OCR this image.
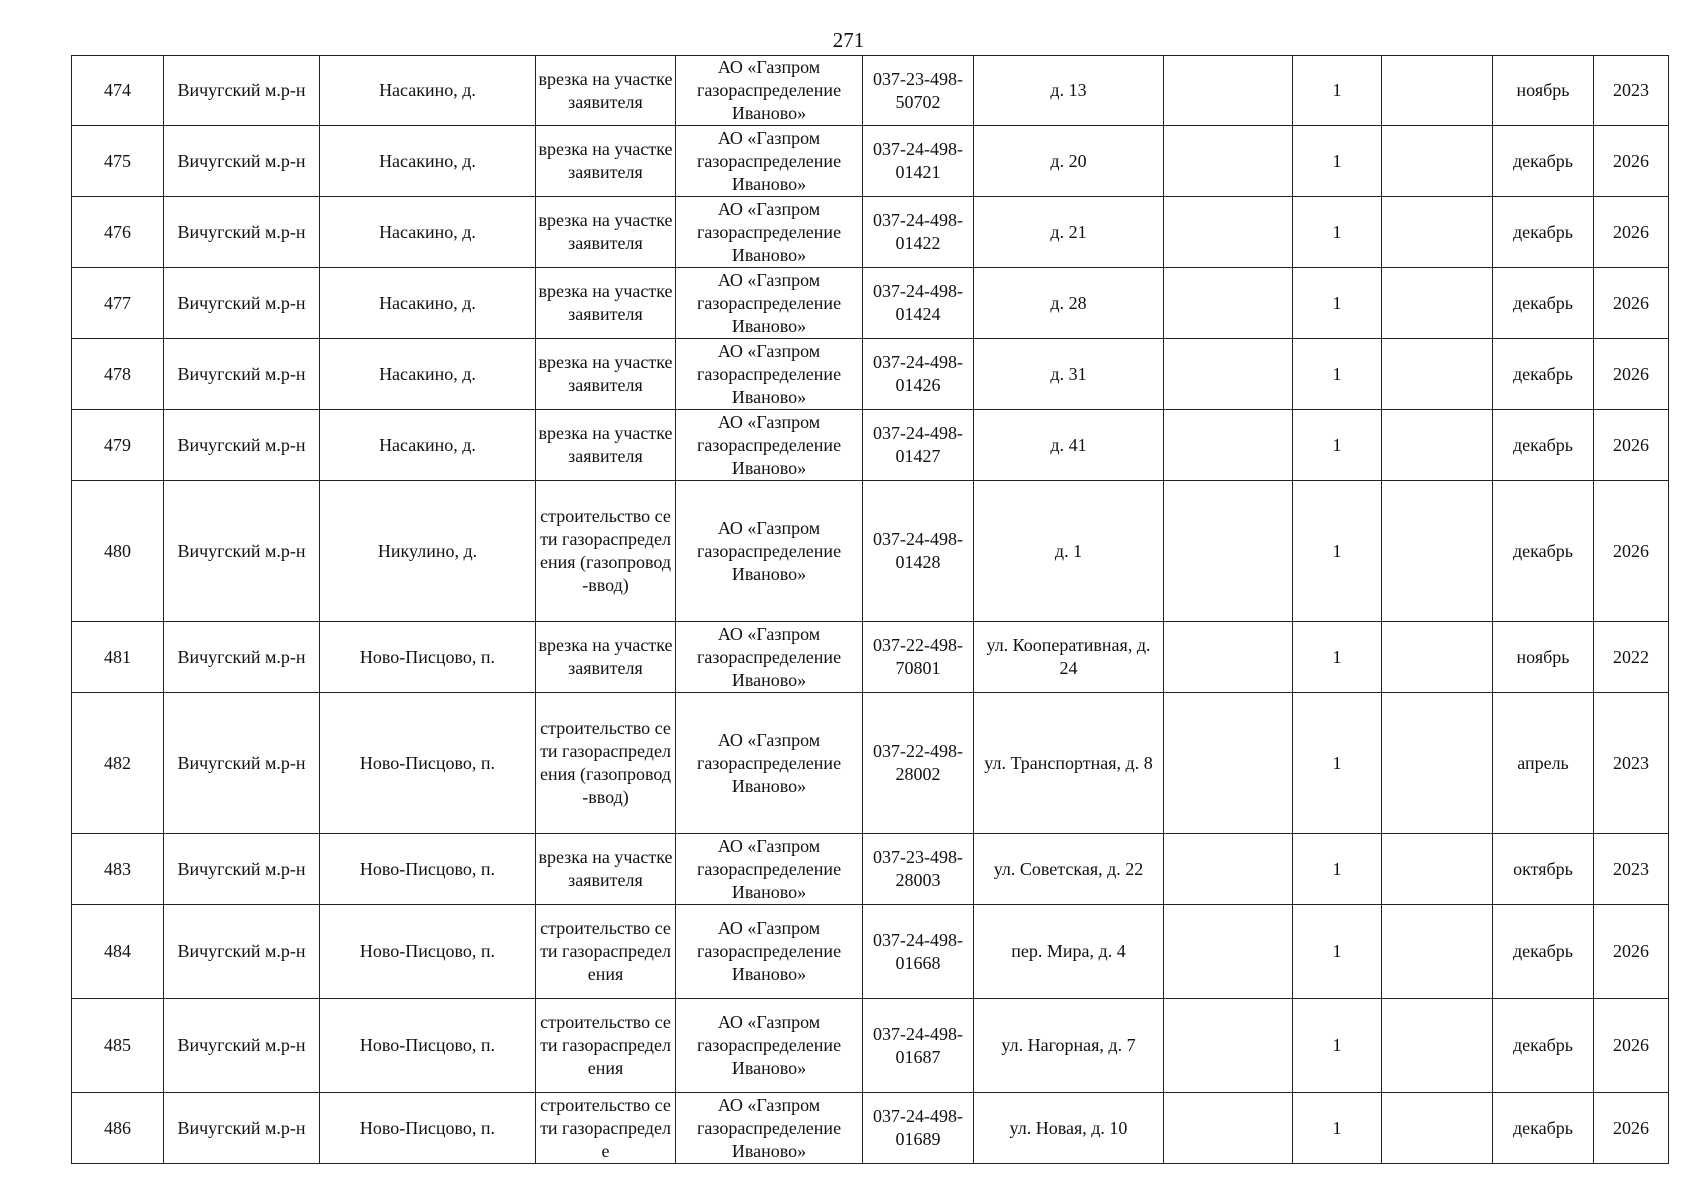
271
474	Вичугский м.р-н	Насакино, д.	врезка на участке заявителя	АО «Газпром газораспределение Иваново»	037-23-498-50702	д. 13		1		ноябрь	2023
475	Вичугский м.р-н	Насакино, д.	врезка на участке заявителя	АО «Газпром газораспределение Иваново»	037-24-498-01421	д. 20		1		декабрь	2026
476	Вичугский м.р-н	Насакино, д.	врезка на участке заявителя	АО «Газпром газораспределение Иваново»	037-24-498-01422	д. 21		1		декабрь	2026
477	Вичугский м.р-н	Насакино, д.	врезка на участке заявителя	АО «Газпром газораспределение Иваново»	037-24-498-01424	д. 28		1		декабрь	2026
478	Вичугский м.р-н	Насакино, д.	врезка на участке заявителя	АО «Газпром газораспределение Иваново»	037-24-498-01426	д. 31		1		декабрь	2026
479	Вичугский м.р-н	Насакино, д.	врезка на участке заявителя	АО «Газпром газораспределение Иваново»	037-24-498-01427	д. 41		1		декабрь	2026
480	Вичугский м.р-н	Никулино, д.	строительство сети газораспределения (газопровод-ввод)	АО «Газпром газораспределение Иваново»	037-24-498-01428	д. 1		1		декабрь	2026
481	Вичугский м.р-н	Ново-Писцово, п.	врезка на участке заявителя	АО «Газпром газораспределение Иваново»	037-22-498-70801	ул. Кооперативная, д. 24		1		ноябрь	2022
482	Вичугский м.р-н	Ново-Писцово, п.	строительство сети газораспределения (газопровод-ввод)	АО «Газпром газораспределение Иваново»	037-22-498-28002	ул. Транспортная, д. 8		1		апрель	2023
483	Вичугский м.р-н	Ново-Писцово, п.	врезка на участке заявителя	АО «Газпром газораспределение Иваново»	037-23-498-28003	ул. Советская, д. 22		1		октябрь	2023
484	Вичугский м.р-н	Ново-Писцово, п.	строительство сети газораспределения	АО «Газпром газораспределение Иваново»	037-24-498-01668	пер. Мира, д. 4		1		декабрь	2026
485	Вичугский м.р-н	Ново-Писцово, п.	строительство сети газораспределения	АО «Газпром газораспределение Иваново»	037-24-498-01687	ул. Нагорная, д. 7		1		декабрь	2026
486	Вичугский м.р-н	Ново-Писцово, п.	строительство сети газораспределе	АО «Газпром газораспределение Иваново»	037-24-498-01689	ул. Новая, д. 10		1		декабрь	2026
